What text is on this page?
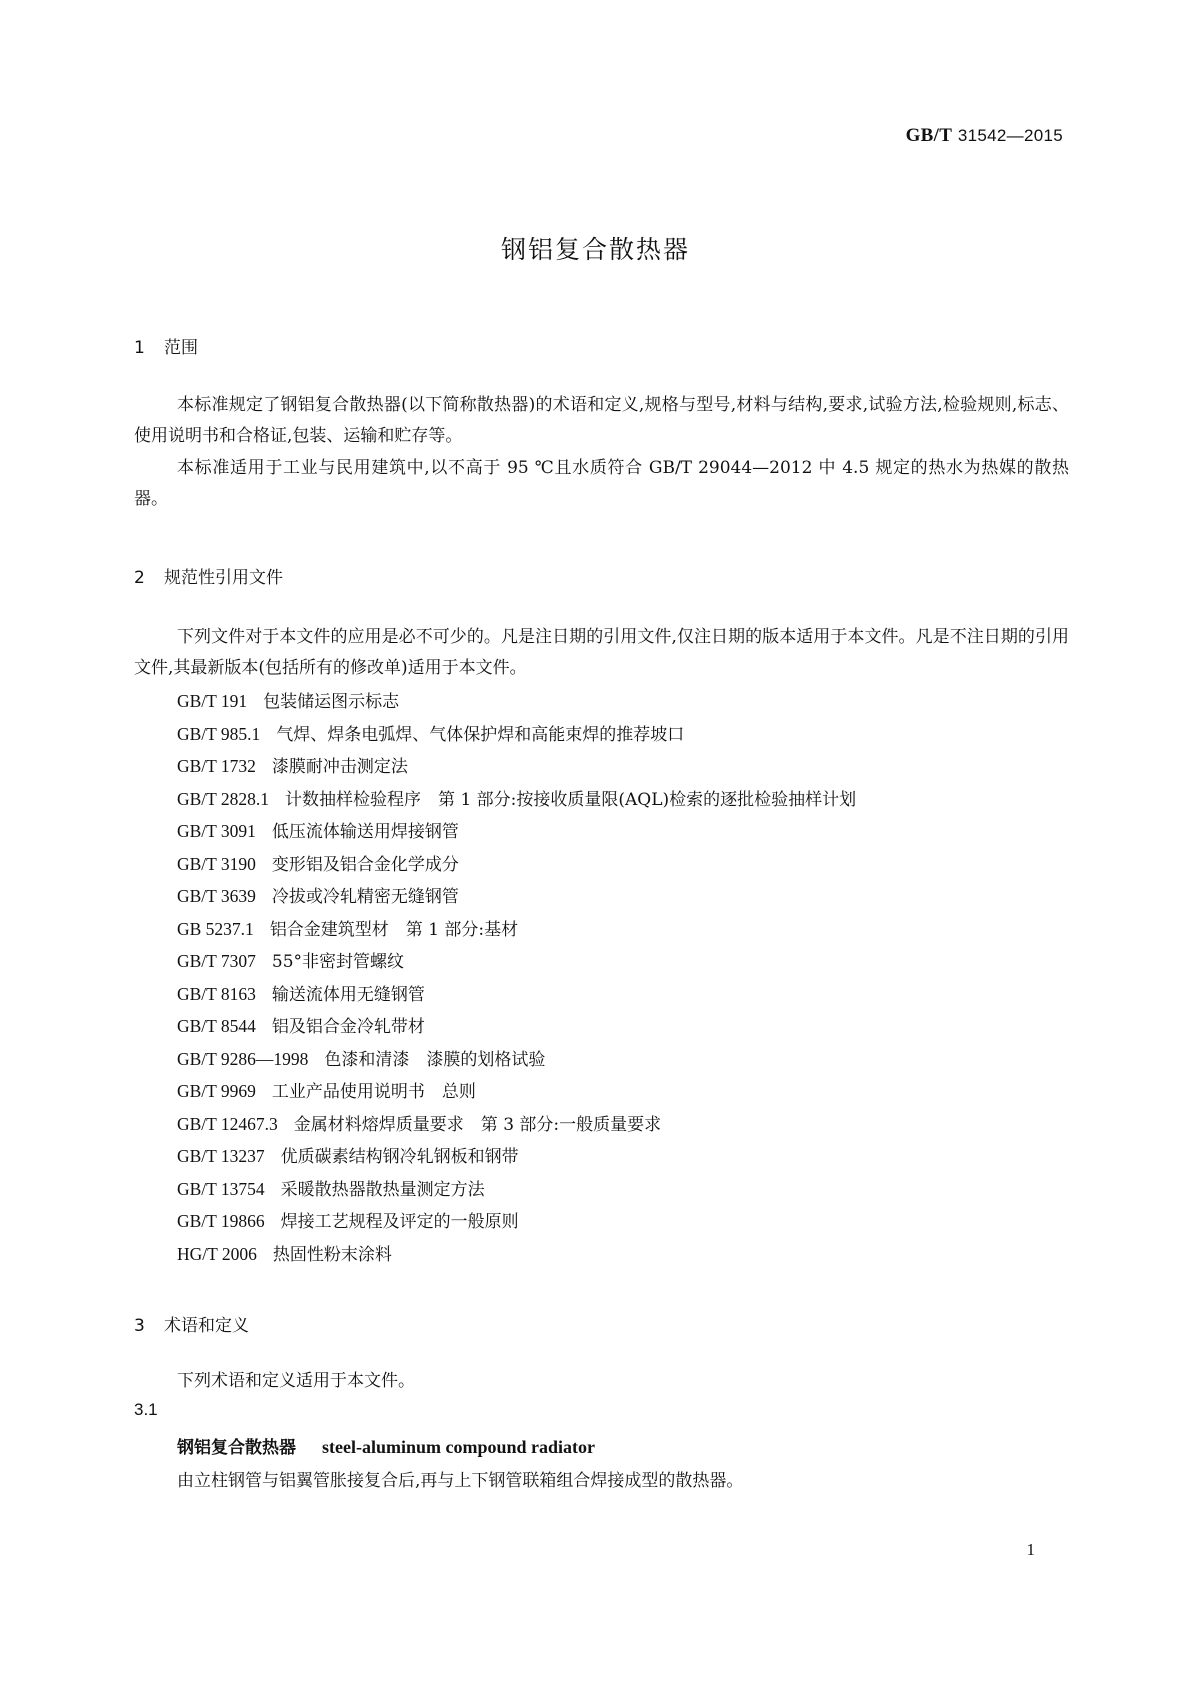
GB/T 31542—2015
钢铝复合散热器
1 范围
本标准规定了钢铝复合散热器(以下简称散热器)的术语和定义,规格与型号,材料与结构,要求,试验方法,检验规则,标志、使用说明书和合格证,包装、运输和贮存等。
本标准适用于工业与民用建筑中,以不高于 95 ℃且水质符合 GB/T 29044—2012 中 4.5 规定的热水为热媒的散热器。
2 规范性引用文件
下列文件对于本文件的应用是必不可少的。凡是注日期的引用文件,仅注日期的版本适用于本文件。凡是不注日期的引用文件,其最新版本(包括所有的修改单)适用于本文件。
GB/T 191 包装储运图示标志
GB/T 985.1 气焊、焊条电弧焊、气体保护焊和高能束焊的推荐坡口
GB/T 1732 漆膜耐冲击测定法
GB/T 2828.1 计数抽样检验程序　第 1 部分:按接收质量限(AQL)检索的逐批检验抽样计划
GB/T 3091 低压流体输送用焊接钢管
GB/T 3190 变形铝及铝合金化学成分
GB/T 3639 冷拔或冷轧精密无缝钢管
GB 5237.1 铝合金建筑型材　第 1 部分:基材
GB/T 7307 55°非密封管螺纹
GB/T 8163 输送流体用无缝钢管
GB/T 8544 铝及铝合金冷轧带材
GB/T 9286—1998 色漆和清漆　漆膜的划格试验
GB/T 9969 工业产品使用说明书　总则
GB/T 12467.3 金属材料熔焊质量要求　第 3 部分:一般质量要求
GB/T 13237 优质碳素结构钢冷轧钢板和钢带
GB/T 13754 采暖散热器散热量测定方法
GB/T 19866 焊接工艺规程及评定的一般原则
HG/T 2006 热固性粉末涂料
3 术语和定义
下列术语和定义适用于本文件。
3.1
钢铝复合散热器 steel-aluminum compound radiator
由立柱钢管与铝翼管胀接复合后,再与上下钢管联箱组合焊接成型的散热器。
1
